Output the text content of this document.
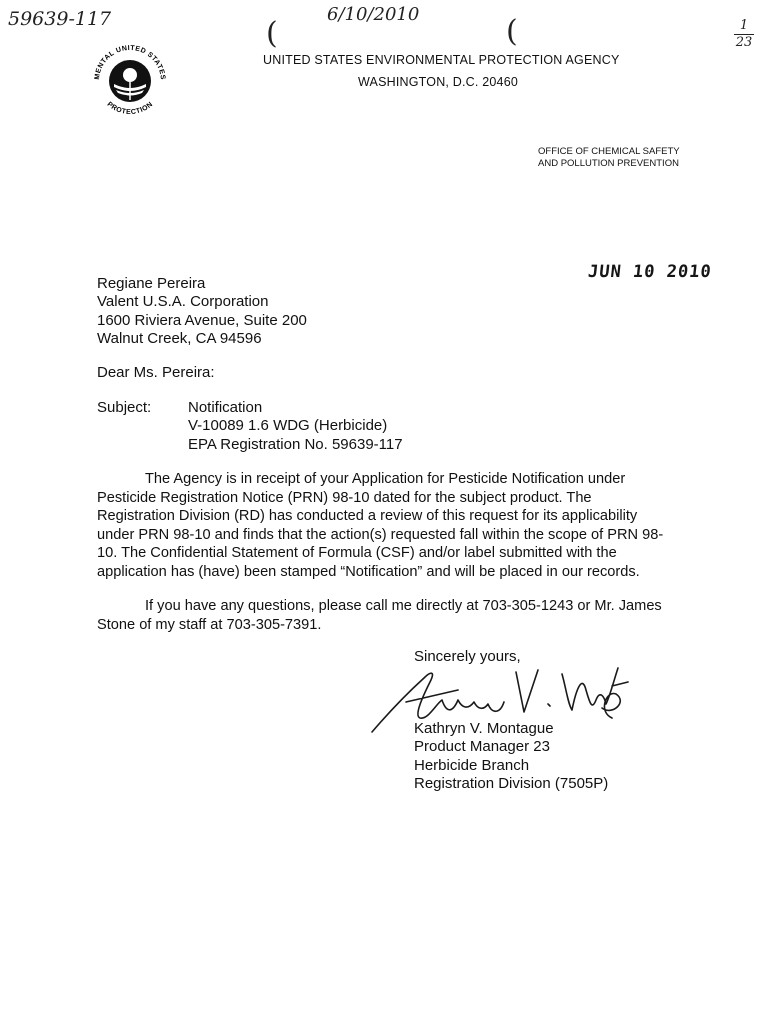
59639-117	6/10/2010
(	(	1
23
MENTAL UNITED STATES
PROTECTION
UNITED STATES ENVIRONMENTAL PROTECTION AGENCY
WASHINGTON, D.C. 20460
OFFICE OF CHEMICAL SAFETY
AND POLLUTION PREVENTION
JUN 10 2010
Regiane Pereira
Valent U.S.A. Corporation
1600 Riviera Avenue, Suite 200
Walnut Creek, CA 94596
Dear Ms. Pereira:
Subject: Notification
V-10089 1.6 WDG (Herbicide)
EPA Registration No. 59639-117
The Agency is in receipt of your Application for Pesticide Notification under
Pesticide Registration Notice (PRN) 98-10 dated for the subject product. The
Registration Division (RD) has conducted a review of this request for its applicability
under PRN 98-10 and finds that the action(s) requested fall within the scope of PRN 98-
10. The Confidential Statement of Formula (CSF) and/or label submitted with the
application has (have) been stamped “Notification” and will be placed in our records.
If you have any questions, please call me directly at 703-305-1243 or Mr. James
Stone of my staff at 703-305-7391.
Sincerely yours,
Kathryn V. Montague
Product Manager 23
Herbicide Branch
Registration Division (7505P)
